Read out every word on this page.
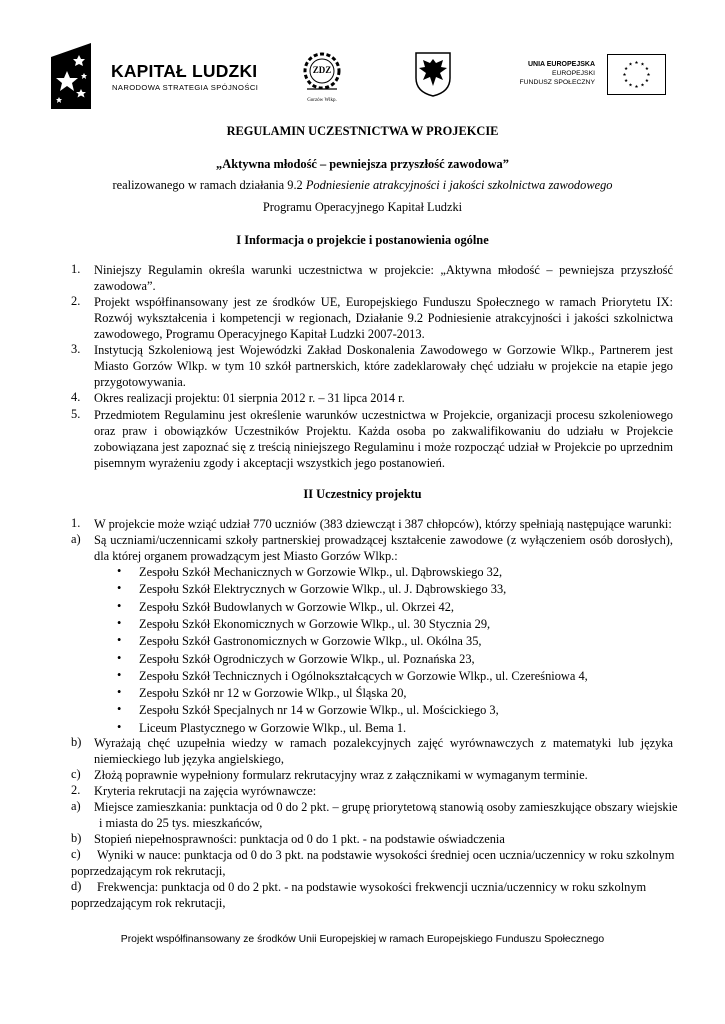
KAPITAŁ LUDZKI
NARODOWA STRATEGIA SPÓJNOŚCI
ZDZ
Gorzów Wlkp.
UNIA EUROPEJSKA
EUROPEJSKI
FUNDUSZ SPOŁECZNY
REGULAMIN UCZESTNICTWA W PROJEKCIE
„Aktywna młodość – pewniejsza przyszłość zawodowa”
realizowanego w ramach działania 9.2 Podniesienie atrakcyjności i jakości szkolnictwa zawodowego
Programu Operacyjnego Kapitał Ludzki
I Informacja o projekcie i postanowienia ogólne
1. Niniejszy Regulamin określa warunki uczestnictwa w projekcie: „Aktywna młodość – pewniejsza przyszłość
zawodowa”.
2. Projekt współfinansowany jest ze środków UE, Europejskiego Funduszu Społecznego w ramach Priorytetu IX:
Rozwój wykształcenia i kompetencji w regionach, Działanie 9.2 Podniesienie atrakcyjności i jakości szkolnictwa
zawodowego, Programu Operacyjnego Kapitał Ludzki 2007-2013.
3. Instytucją Szkoleniową jest Wojewódzki Zakład Doskonalenia Zawodowego w Gorzowie Wlkp., Partnerem jest
Miasto Gorzów Wlkp. w tym 10 szkół partnerskich, które zadeklarowały chęć udziału w projekcie na etapie jego
przygotowywania.
4. Okres realizacji projektu: 01 sierpnia 2012 r. – 31 lipca 2014 r.
5. Przedmiotem Regulaminu jest określenie warunków uczestnictwa w Projekcie, organizacji procesu szkoleniowego
oraz praw i obowiązków Uczestników Projektu. Każda osoba po zakwalifikowaniu do udziału w Projekcie
zobowiązana jest zapoznać się z treścią niniejszego Regulaminu i może rozpocząć udział w Projekcie po uprzednim
pisemnym wyrażeniu zgody i akceptacji wszystkich jego postanowień.
II Uczestnicy projektu
1. W projekcie może wziąć udział 770 uczniów (383 dziewcząt i 387 chłopców), którzy spełniają następujące warunki:
a) Są uczniami/uczennicami szkoły partnerskiej prowadzącej kształcenie zawodowe (z wyłączeniem osób dorosłych),
dla której organem prowadzącym jest Miasto Gorzów Wlkp.:
• Zespołu Szkół Mechanicznych w Gorzowie Wlkp., ul. Dąbrowskiego 32,
• Zespołu Szkół Elektrycznych w Gorzowie Wlkp., ul. J. Dąbrowskiego 33,
• Zespołu Szkół Budowlanych w Gorzowie Wlkp., ul. Okrzei 42,
• Zespołu Szkół Ekonomicznych w Gorzowie Wlkp., ul. 30 Stycznia 29,
• Zespołu Szkół Gastronomicznych w Gorzowie Wlkp., ul. Okólna 35,
• Zespołu Szkół Ogrodniczych w Gorzowie Wlkp., ul. Poznańska 23,
• Zespołu Szkół Technicznych i Ogólnokształcących w Gorzowie Wlkp., ul. Czereśniowa 4,
• Zespołu Szkół nr 12 w Gorzowie Wlkp., ul Śląska 20,
• Zespołu Szkół Specjalnych nr 14 w Gorzowie Wlkp., ul. Mościckiego 3,
• Liceum Plastycznego w Gorzowie Wlkp., ul. Bema 1.
b) Wyrażają chęć uzupełnia wiedzy w ramach pozalekcyjnych zajęć wyrównawczych z matematyki lub języka
niemieckiego lub języka angielskiego,
c) Złożą poprawnie wypełniony formularz rekrutacyjny wraz z załącznikami w wymaganym terminie.
2. Kryteria rekrutacji na zajęcia wyrównawcze:
a) Miejsce zamieszkania: punktacja od 0 do 2 pkt. – grupę priorytetową stanowią osoby zamieszkujące obszary wiejskie
i miasta do 25 tys. mieszkańców,
b) Stopień niepełnosprawności: punktacja od 0 do 1 pkt. - na podstawie oświadczenia
c) Wyniki w nauce: punktacja od 0 do 3 pkt. na podstawie wysokości średniej ocen ucznia/uczennicy w roku szkolnym
poprzedzającym rok rekrutacji,
d) Frekwencja: punktacja od 0 do 2 pkt. - na podstawie wysokości frekwencji ucznia/uczennicy w roku szkolnym
poprzedzającym rok rekrutacji,
Projekt współfinansowany ze środków Unii Europejskiej w ramach Europejskiego Funduszu Społecznego
